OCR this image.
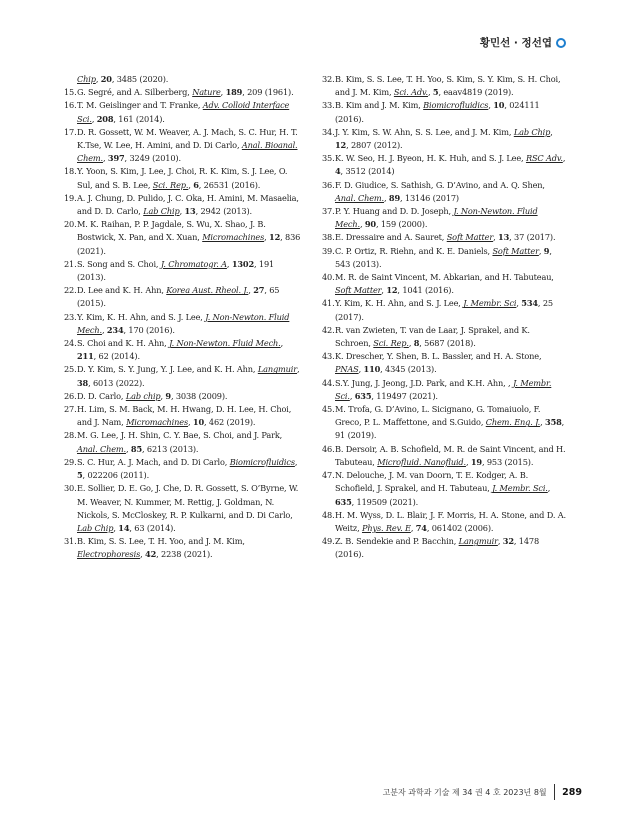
황민선 · 정선엽
Chip, 20, 3485 (2020).
15. G. Segré, and A. Silberberg, Nature, 189, 209 (1961).
16. T. M. Geislinger and T. Franke, Adv. Colloid Interface Sci., 208, 161 (2014).
17. D. R. Gossett, W. M. Weaver, A. J. Mach, S. C. Hur, H. T. K.Tse, W. Lee, H. Amini, and D. Di Carlo, Anal. Bioanal. Chem., 397, 3249 (2010).
18. Y. Yoon, S. Kim, J. Lee, J. Choi, R. K. Kim, S. J. Lee, O. Sul, and S. B. Lee, Sci. Rep., 6, 26531 (2016).
19. A. J. Chung, D. Pulido, J. C. Oka, H. Amini, M. Masaelia, and D. D. Carlo, Lab Chip, 13, 2942 (2013).
20. M. K. Raihan, P. P. Jagdale, S. Wu, X. Shao, J. B. Bostwick, X. Pan, and X. Xuan, Micromachines, 12, 836 (2021).
21. S. Song and S. Choi, J. Chromatogr. A, 1302, 191 (2013).
22. D. Lee and K. H. Ahn, Korea Aust. Rheol. J., 27, 65 (2015).
23. Y. Kim, K. H. Ahn, and S. J. Lee, J. Non-Newton. Fluid Mech., 234, 170 (2016).
24. S. Choi and K. H. Ahn, J. Non-Newton. Fluid Mech., 211, 62 (2014).
25. D. Y. Kim, S. Y. Jung, Y. J. Lee, and K. H. Ahn, Langmuir, 38, 6013 (2022).
26. D. D. Carlo, Lab chip, 9, 3038 (2009).
27. H. Lim, S. M. Back, M. H. Hwang, D. H. Lee, H. Choi, and J. Nam, Micromachines, 10, 462 (2019).
28. M. G. Lee, J. H. Shin, C. Y. Bae, S. Choi, and J. Park, Anal. Chem., 85, 6213 (2013).
29. S. C. Hur, A. J. Mach, and D. Di Carlo, Biomicrofluidics, 5, 022206 (2011).
30. E. Sollier, D. E. Go, J. Che, D. R. Gossett, S. O’Byrne, W. M. Weaver, N. Kummer, M. Rettig, J. Goldman, N. Nickols, S. McCloskey, R. P. Kulkarni, and D. Di Carlo, Lab Chip, 14, 63 (2014).
31. B. Kim, S. S. Lee, T. H. Yoo, and J. M. Kim, Electrophoresis, 42, 2238 (2021).
32. B. Kim, S. S. Lee, T. H. Yoo, S. Kim, S. Y. Kim, S. H. Choi, and J. M. Kim, Sci. Adv., 5, eaav4819 (2019).
33. B. Kim and J. M. Kim, Biomicrofluidics, 10, 024111 (2016).
34. J. Y. Kim, S. W. Ahn, S. S. Lee, and J. M. Kim, Lab Chip, 12, 2807 (2012).
35. K. W. Seo, H. J. Byeon, H. K. Huh, and S. J. Lee, RSC Adv., 4, 3512 (2014)
36. F. D. Giudice, S. Sathish, G. D’Avino, and A. Q. Shen, Anal. Chem., 89, 13146 (2017)
37. P. Y. Huang and D. D. Joseph, J. Non-Newton. Fluid Mech., 90, 159 (2000).
38. E. Dressaire and A. Sauret, Soft Matter, 13, 37 (2017).
39. C. P. Ortiz, R. Riehn, and K. E. Daniels, Soft Matter, 9, 543 (2013).
40. M. R. de Saint Vincent, M. Abkarian, and H. Tabuteau, Soft Matter, 12, 1041 (2016).
41. Y. Kim, K. H. Ahn, and S. J. Lee, J. Membr. Sci, 534, 25 (2017).
42. R. van Zwieten, T. van de Laar, J. Sprakel, and K. Schroen, Sci. Rep., 8, 5687 (2018).
43. K. Drescher, Y. Shen, B. L. Bassler, and H. A. Stone, PNAS, 110, 4345 (2013).
44. S.Y. Jung, J. Jeong, J.D. Park, and K.H. Ahn, , J. Membr. Sci., 635, 119497 (2021).
45. M. Trofa, G. D’Avino, L. Sicignano, G. Tomaiuolo, F. Greco, P. L. Maffettone, and S.Guido, Chem. Eng. J., 358, 91 (2019).
46. B. Dersoir, A. B. Schofield, M. R. de Saint Vincent, and H. Tabuteau, Microfluid. Nanofluid., 19, 953 (2015).
47. N. Delouche, J. M. van Doorn, T. E. Kodger, A. B. Schofield, J. Sprakel, and H. Tabuteau, J. Membr. Sci., 635, 119509 (2021).
48. H. M. Wyss, D. L. Blair, J. F. Morris, H. A. Stone, and D. A. Weitz, Phys. Rev. E, 74, 061402 (2006).
49. Z. B. Sendekie and P. Bacchin, Langmuir, 32, 1478 (2016).
고분자 과학과 기술 제 34 권 4 호 2023년 8월 289
